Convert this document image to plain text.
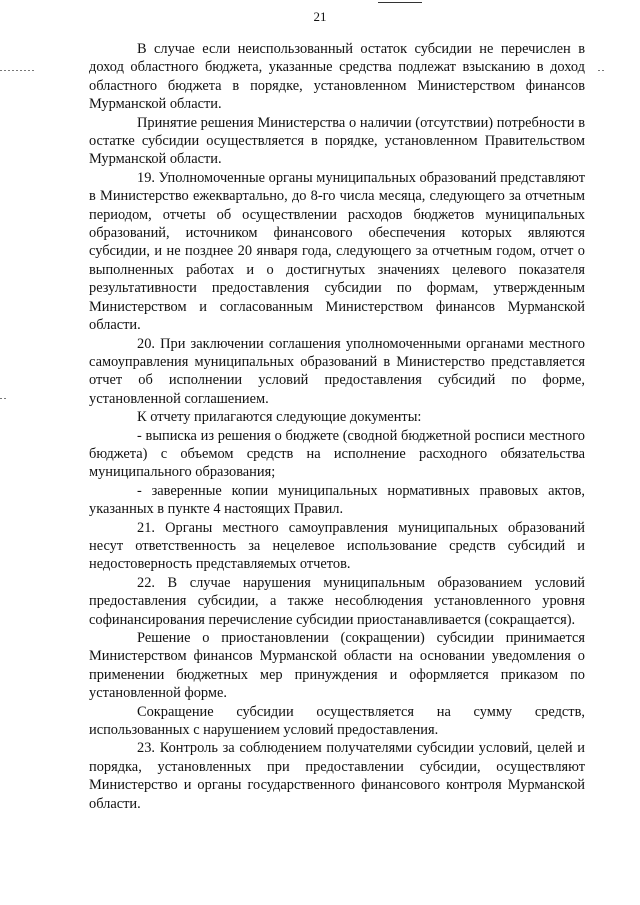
21

В случае если неиспользованный остаток субсидии не перечислен в доход областного бюджета, указанные средства подлежат взысканию в доход областного бюджета в порядке, установленном Министерством финансов Мурманской области.

Принятие решения Министерства о наличии (отсутствии) потребности в остатке субсидии осуществляется в порядке, установленном Правительством Мурманской области.

19. Уполномоченные органы муниципальных образований представляют в Министерство ежеквартально, до 8-го числа месяца, следующего за отчетным периодом, отчеты об осуществлении расходов бюджетов муниципальных образований, источником финансового обеспечения которых являются субсидии, и не позднее 20 января года, следующего за отчетным годом, отчет о выполненных работах и о достигнутых значениях целевого показателя результативности предоставления субсидии по формам, утвержденным Министерством и согласованным Министерством финансов Мурманской области.

20. При заключении соглашения уполномоченными органами местного самоуправления муниципальных образований в Министерство представляется отчет об исполнении условий предоставления субсидий по форме, установленной соглашением.

К отчету прилагаются следующие документы:

- выписка из решения о бюджете (сводной бюджетной росписи местного бюджета) с объемом средств на исполнение расходного обязательства муниципального образования;

- заверенные копии муниципальных нормативных правовых актов, указанных в пункте 4 настоящих Правил.

21. Органы местного самоуправления муниципальных образований несут ответственность за нецелевое использование средств субсидий и недостоверность представляемых отчетов.

22. В случае нарушения муниципальным образованием условий предоставления субсидии, а также несоблюдения установленного уровня софинансирования перечисление субсидии приостанавливается (сокращается).

Решение о приостановлении (сокращении) субсидии принимается Министерством финансов Мурманской области на основании уведомления о применении бюджетных мер принуждения и оформляется приказом по установленной форме.

Сокращение субсидии осуществляется на сумму средств, использованных с нарушением условий предоставления.

23. Контроль за соблюдением получателями субсидии условий, целей и порядка, установленных при предоставлении субсидии, осуществляют Министерство и органы государственного финансового контроля Мурманской области.
